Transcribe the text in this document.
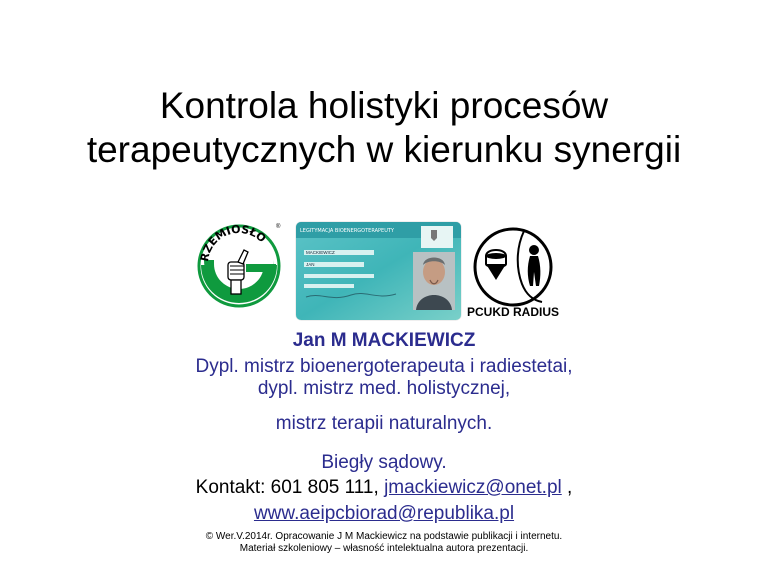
Kontrola holistyki procesów
terapeutycznych w kierunku synergii
RZEMIOSŁO
®
LEGITYMACJA BIOENERGOTERAPEUTY
MACKIEWICZ
JAN
PCUKD RADIUS
Jan M MACKIEWICZ
Dypl. mistrz bioenergoterapeuta i radiestetai,
dypl. mistrz med. holistycznej,
mistrz terapii naturalnych.
Biegły sądowy.
Kontakt: 601 805 111, jmackiewicz@onet.pl ,
www.aeipcbiorad@republika.pl
© Wer.V.2014r. Opracowanie J M Mackiewicz na podstawie publikacji i internetu.
Materiał szkoleniowy – własność intelektualna autora prezentacji.
